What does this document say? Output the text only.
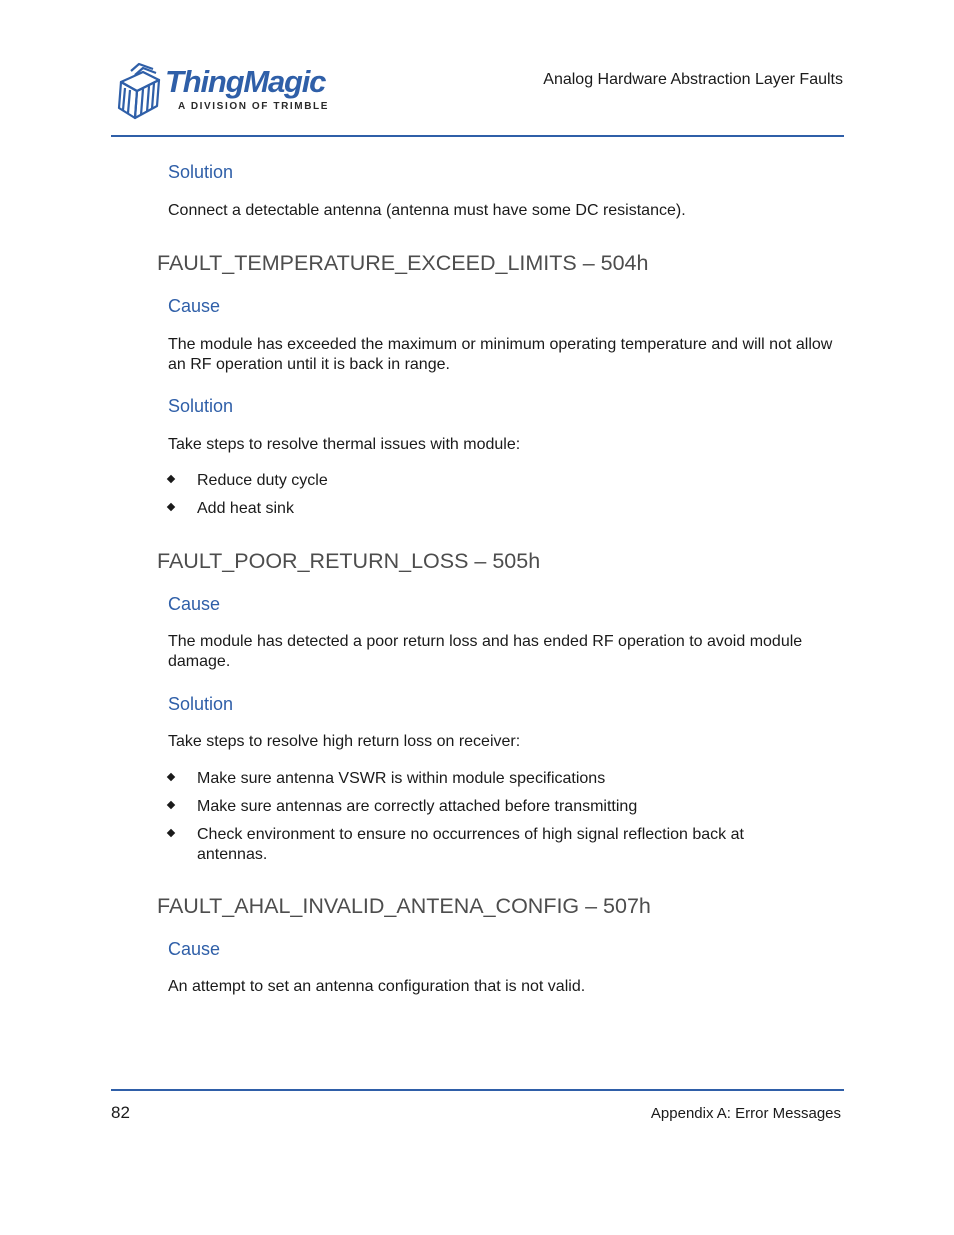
ThingMagic
A DIVISION OF TRIMBLE
Analog Hardware Abstraction Layer Faults
Solution
Connect a detectable antenna (antenna must have some DC resistance).
FAULT_TEMPERATURE_EXCEED_LIMITS – 504h
Cause
The module has exceeded the maximum or minimum operating temperature and will not allow an RF operation until it is back in range.
Solution
Take steps to resolve thermal issues with module:
Reduce duty cycle
Add heat sink
FAULT_POOR_RETURN_LOSS – 505h
Cause
The module has detected a poor return loss and has ended RF operation to avoid module damage.
Solution
Take steps to resolve high return loss on receiver:
Make sure antenna VSWR is within module specifications
Make sure antennas are correctly attached before transmitting
Check environment to ensure no occurrences of high signal reflection back at antennas.
FAULT_AHAL_INVALID_ANTENA_CONFIG – 507h
Cause
An attempt to set an antenna configuration that is not valid.
82	Appendix A: Error Messages
